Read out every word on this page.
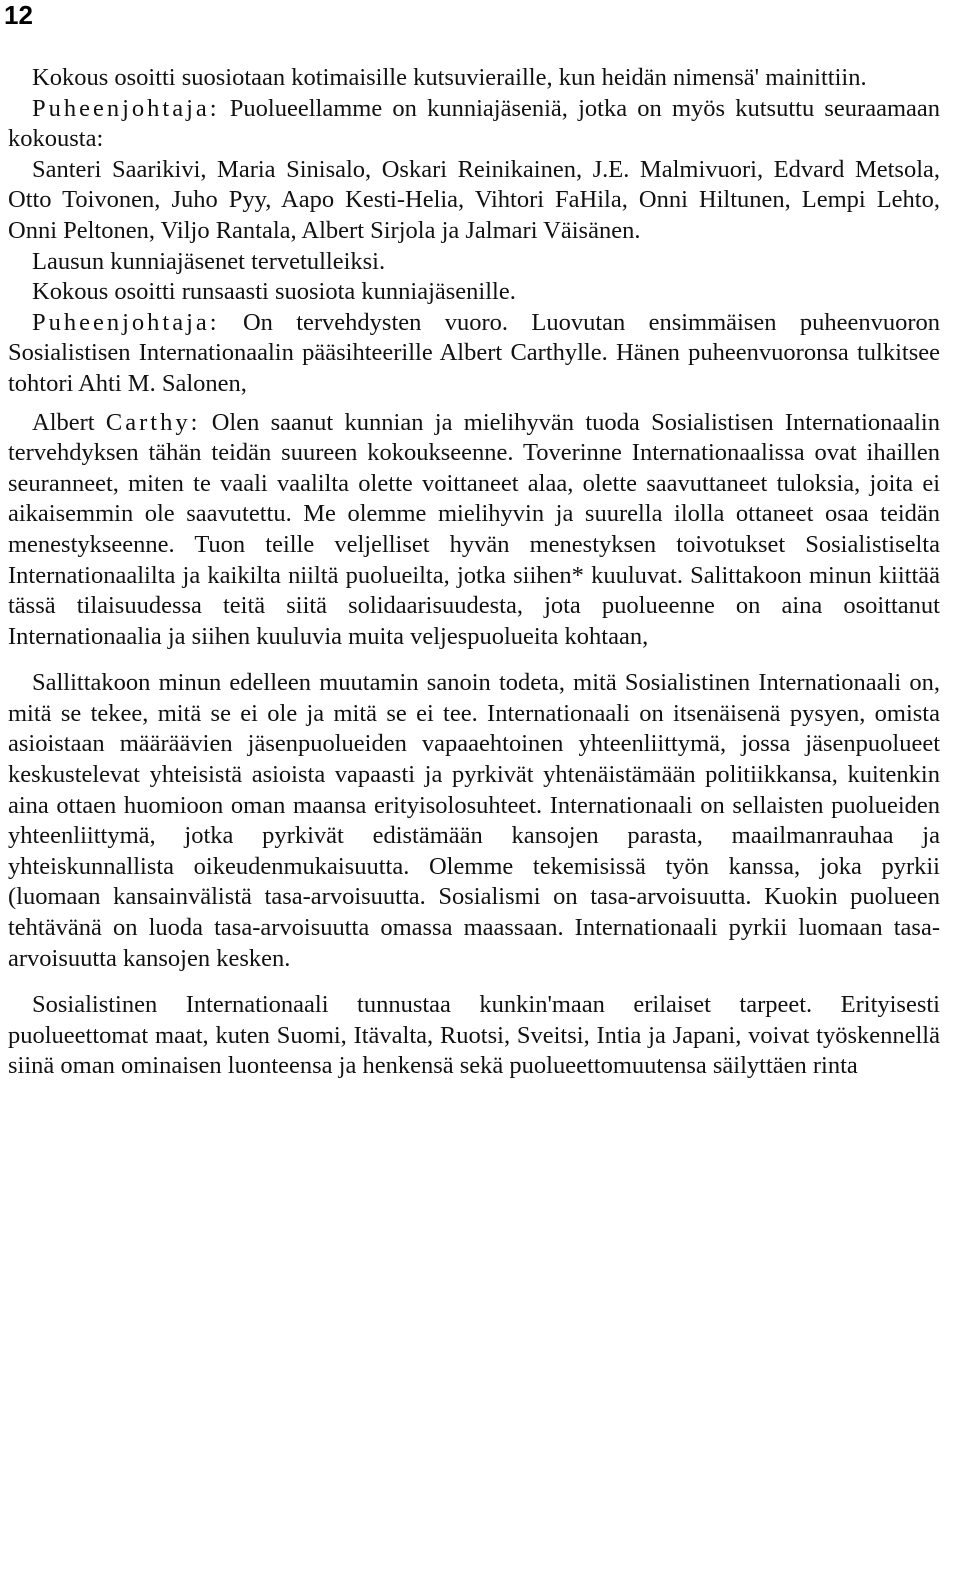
12

Kokous osoitti suosiotaan kotimaisille kutsuvieraille, kun heidän nimensä' mainittiin.

Puheenjohtaja: Puolueellamme on kunniajäseniä, jotka on myös kutsuttu seuraamaan kokousta:

Santeri Saarikivi, Maria Sinisalo, Oskari Reinikainen, J.E. Malmivuori, Edvard Metsola, Otto Toivonen, Juho Pyy, Aapo Kesti-Helia, Vihtori FaHila, Onni Hiltunen, Lempi Lehto, Onni Peltonen, Viljo Rantala, Albert Sirjola ja Jalmari Väisänen.

Lausun kunniajäsenet tervetulleiksi.

Kokous osoitti runsaasti suosiota kunniajäsenille.

Puheenjohtaja: On tervehdysten vuoro. Luovutan ensimmäisen puheenvuoron Sosialistisen Internationaalin pääsihteerille Albert Carthylle. Hänen puheenvuoronsa tulkitsee tohtori Ahti M. Salonen,

Albert Carthy: Olen saanut kunnian ja mielihyvän tuoda Sosialistisen Internationaalin tervehdyksen tähän teidän suureen kokoukseenne. Toverinne Internationaalissa ovat ihaillen seuranneet, miten te vaali vaalilta olette voittaneet alaa, olette saavuttaneet tuloksia, joita ei aikaisemmin ole saavutettu. Me olemme mielihyvin ja suurella ilolla ottaneet osaa teidän menestykseenne. Tuon teille veljelliset hyvän menestyksen toivotukset Sosialistiselta Internationaalilta ja kaikilta niiltä puolueilta, jotka siihen* kuuluvat. Salittakoon minun kiittää tässä tilaisuudessa teitä siitä solidaarisuudesta, jota puolueenne on aina osoittanut Internationaalia ja siihen kuuluvia muita veljespuolueita kohtaan,

Sallittakoon minun edelleen muutamin sanoin todeta, mitä Sosialistinen Internationaali on, mitä se tekee, mitä se ei ole ja mitä se ei tee. Internationaali on itsenäisenä pysyen, omista asioistaan määräävien jäsenpuolueiden vapaaehtoinen yhteenliittymä, jossa jäsenpuolueet keskustelevat yhteisistä asioista vapaasti ja pyrkivät yhtenäistämään politiikkansa, kuitenkin aina ottaen huomioon oman maansa erityisolosuhteet. Internationaali on sellaisten puolueiden yhteenliittymä, jotka pyrkivät edistämään kansojen parasta, maailmanrauhaa ja yhteiskunnallista oikeudenmukaisuutta. Olemme tekemisissä työn kanssa, joka pyrkii (luomaan kansainvälistä tasa-arvoisuutta. Sosialismi on tasa-arvoisuutta. Kuokin puolueen tehtävänä on luoda tasa-arvoisuutta omassa maassaan. Internationaali pyrkii luomaan tasa-arvoisuutta kansojen kesken.

Sosialistinen Internationaali tunnustaa kunkin'maan erilaiset tarpeet. Erityisesti puolueettomat maat, kuten Suomi, Itävalta, Ruotsi, Sveitsi, Intia ja Japani, voivat työskennellä siinä oman ominaisen luonteensa ja henkensä sekä puolueettomuutensa säilyttäen rinta
